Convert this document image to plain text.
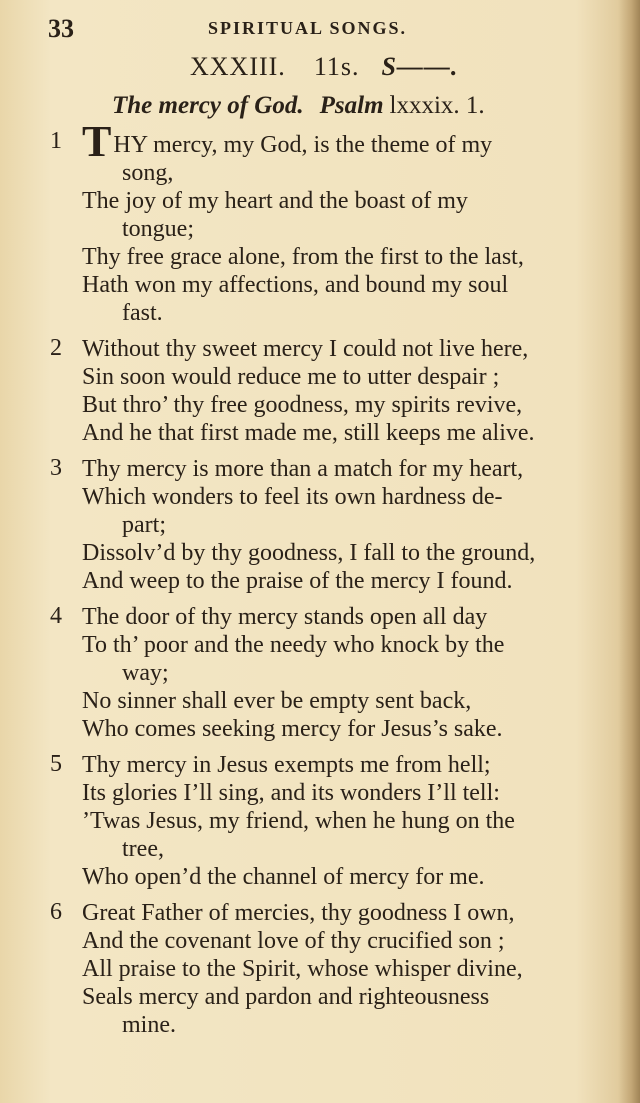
33	SPIRITUAL SONGS.
XXXIII. 11s. S——.
The mercy of God. Psalm lxxxix. 1.
1 THY mercy, my God, is the theme of my
song,
The joy of my heart and the boast of my
tongue;
Thy free grace alone, from the first to the last,
Hath won my affections, and bound my soul
fast.
2 Without thy sweet mercy I could not live here,
Sin soon would reduce me to utter despair ;
But thro’ thy free goodness, my spirits revive,
And he that first made me, still keeps me alive.
3 Thy mercy is more than a match for my heart,
Which wonders to feel its own hardness de-
part;
Dissolv’d by thy goodness, I fall to the ground,
And weep to the praise of the mercy I found.
4 The door of thy mercy stands open all day
To th’ poor and the needy who knock by the
way;
No sinner shall ever be empty sent back,
Who comes seeking mercy for Jesus’s sake.
5 Thy mercy in Jesus exempts me from hell;
Its glories I’ll sing, and its wonders I’ll tell:
’Twas Jesus, my friend, when he hung on the
tree,
Who open’d the channel of mercy for me.
6 Great Father of mercies, thy goodness I own,
And the covenant love of thy crucified son ;
All praise to the Spirit, whose whisper divine,
Seals mercy and pardon and righteousness
mine.
